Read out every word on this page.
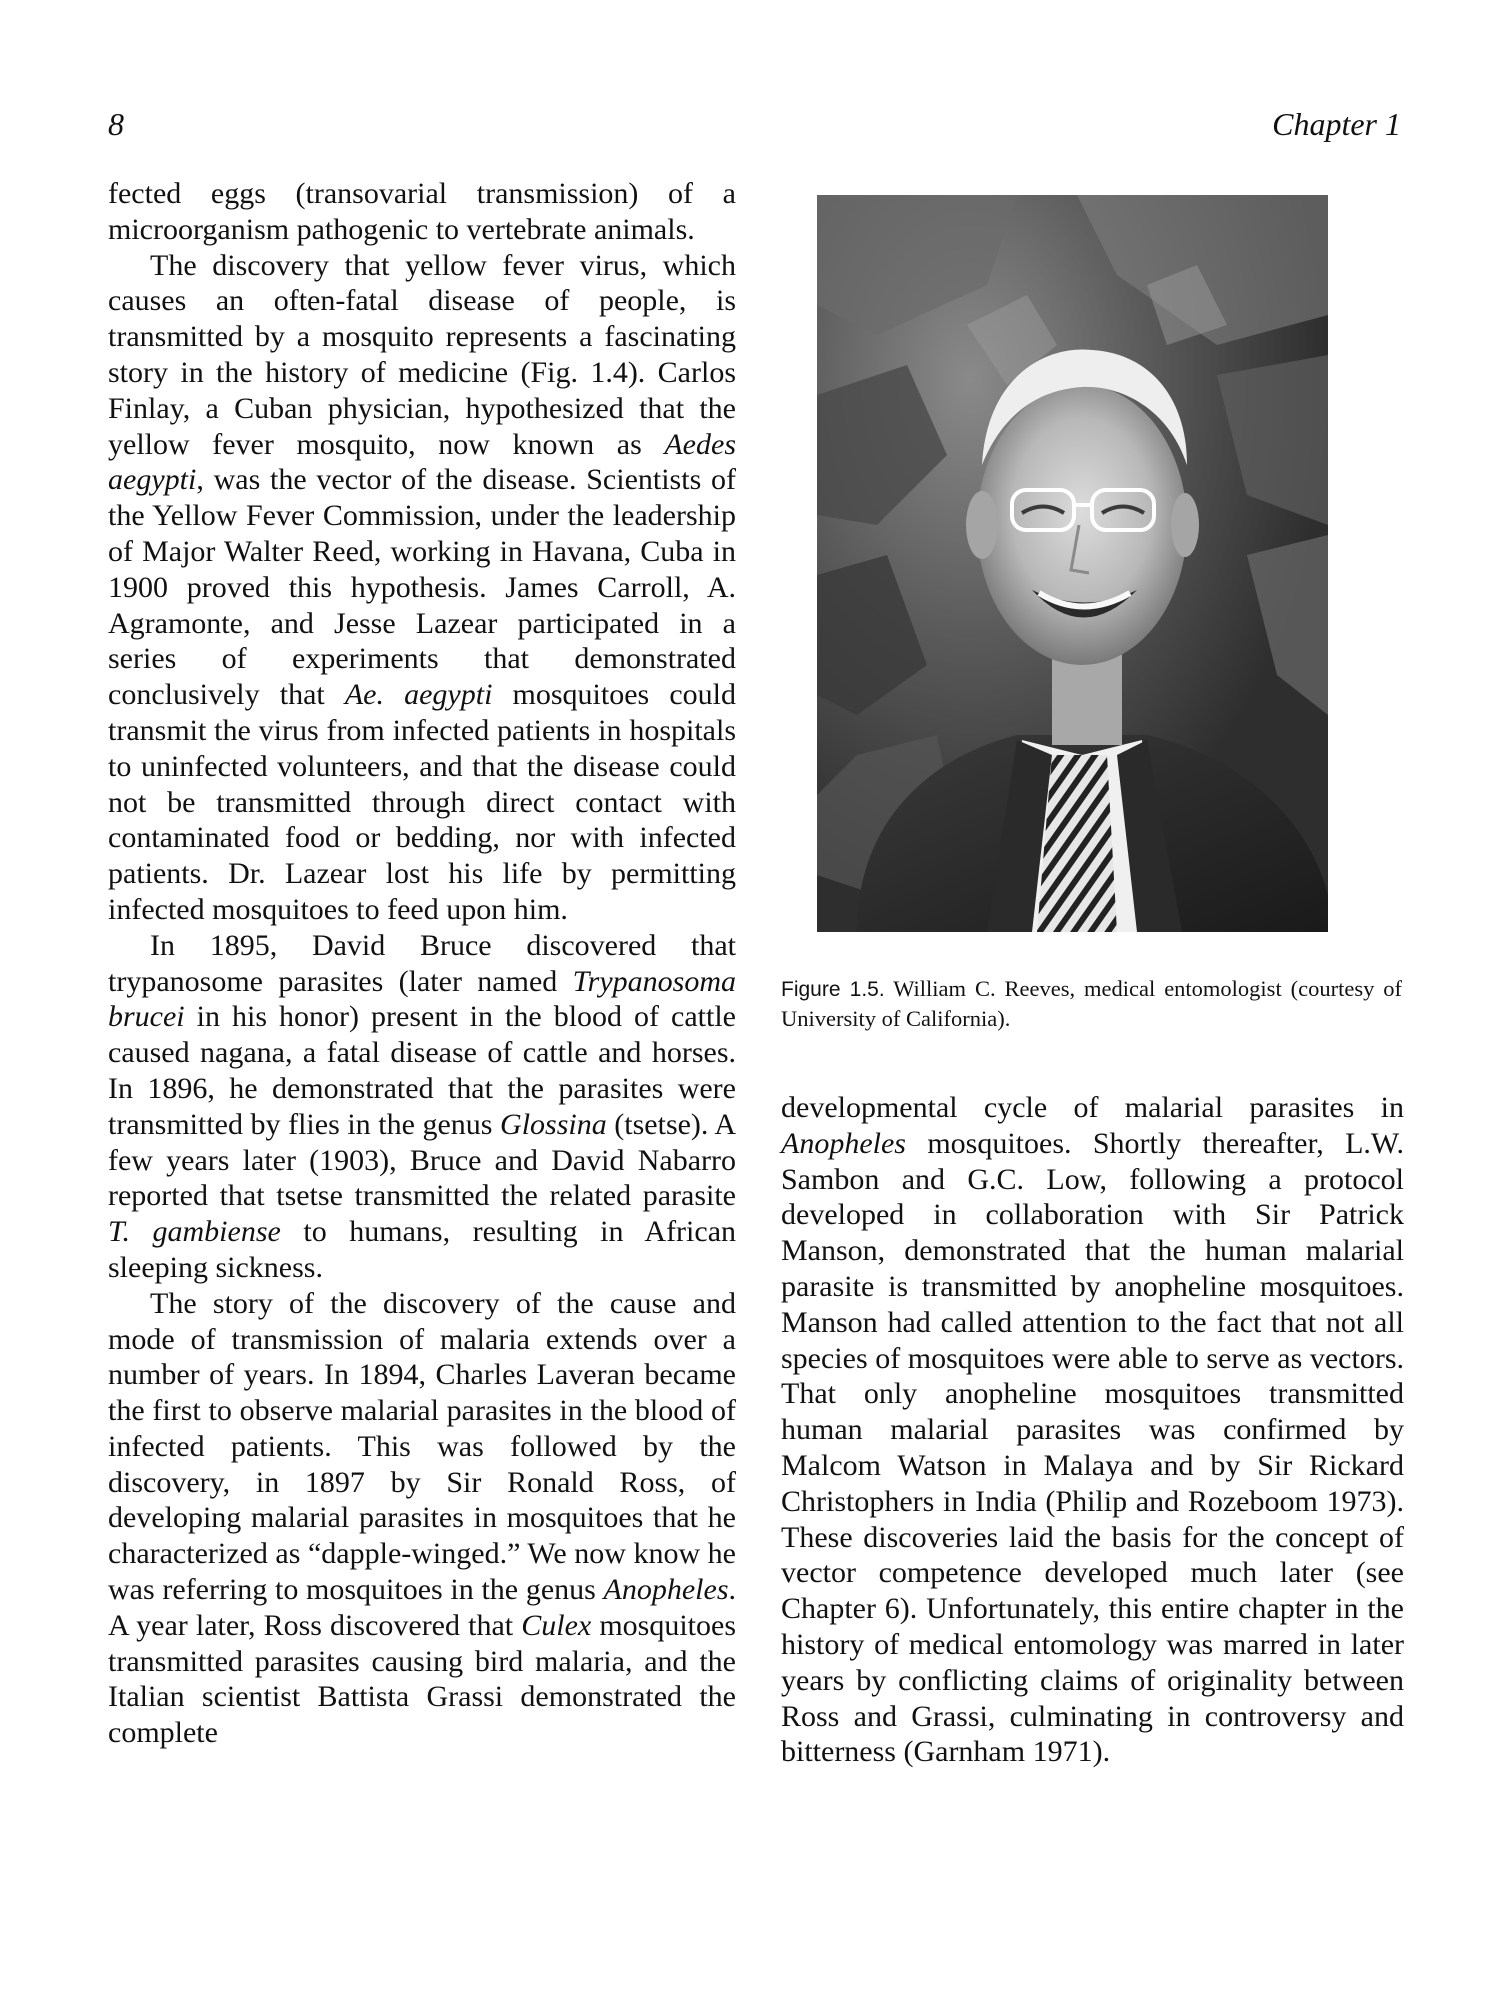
8	Chapter 1

fected eggs (transovarial transmission) of a microorganism pathogenic to vertebrate animals.

The discovery that yellow fever virus, which causes an often-fatal disease of people, is transmitted by a mosquito represents a fascinating story in the history of medicine (Fig. 1.4). Carlos Finlay, a Cuban physician, hypothesized that the yellow fever mosquito, now known as Aedes aegypti, was the vector of the disease. Scientists of the Yellow Fever Commission, under the leadership of Major Walter Reed, working in Havana, Cuba in 1900 proved this hypothesis. James Carroll, A. Agramonte, and Jesse Lazear participated in a series of experiments that demonstrated conclusively that Ae. aegypti mosquitoes could transmit the virus from infected patients in hospitals to uninfected volunteers, and that the disease could not be transmitted through direct contact with contaminated food or bedding, nor with infected patients. Dr. Lazear lost his life by permitting infected mosquitoes to feed upon him.

In 1895, David Bruce discovered that trypanosome parasites (later named Trypanosoma brucei in his honor) present in the blood of cattle caused nagana, a fatal disease of cattle and horses. In 1896, he demonstrated that the parasites were transmitted by flies in the genus Glossina (tsetse). A few years later (1903), Bruce and David Nabarro reported that tsetse transmitted the related parasite T. gambiense to humans, resulting in African sleeping sickness.

The story of the discovery of the cause and mode of transmission of malaria extends over a number of years. In 1894, Charles Laveran became the first to observe malarial parasites in the blood of infected patients. This was followed by the discovery, in 1897 by Sir Ronald Ross, of developing malarial parasites in mosquitoes that he characterized as “dapple-winged.” We now know he was referring to mosquitoes in the genus Anopheles. A year later, Ross discovered that Culex mosquitoes transmitted parasites causing bird malaria, and the Italian scientist Battista Grassi demonstrated the complete

Figure 1.5. William C. Reeves, medical entomologist (courtesy of University of California).

developmental cycle of malarial parasites in Anopheles mosquitoes. Shortly thereafter, L.W. Sambon and G.C. Low, following a protocol developed in collaboration with Sir Patrick Manson, demonstrated that the human malarial parasite is transmitted by anopheline mosquitoes. Manson had called attention to the fact that not all species of mosquitoes were able to serve as vectors. That only anopheline mosquitoes transmitted human malarial parasites was confirmed by Malcom Watson in Malaya and by Sir Rickard Christophers in India (Philip and Rozeboom 1973). These discoveries laid the basis for the concept of vector competence developed much later (see Chapter 6). Unfortunately, this entire chapter in the history of medical entomology was marred in later years by conflicting claims of originality between Ross and Grassi, culminating in controversy and bitterness (Garnham 1971).
